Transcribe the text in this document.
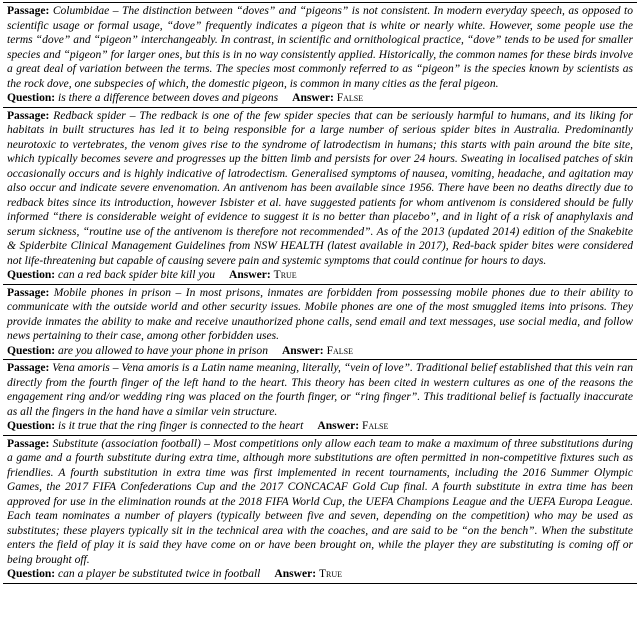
Passage: Columbidae – The distinction between “doves” and “pigeons” is not consistent. In modern everyday speech, as opposed to scientific usage or formal usage, “dove” frequently indicates a pigeon that is white or nearly white. However, some people use the terms “dove” and “pigeon” interchangeably. In contrast, in scientific and ornithological practice, “dove” tends to be used for smaller species and “pigeon” for larger ones, but this is in no way consistently applied. Historically, the common names for these birds involve a great deal of variation between the terms. The species most commonly referred to as “pigeon” is the species known by scientists as the rock dove, one subspecies of which, the domestic pigeon, is common in many cities as the feral pigeon.

Question: is there a difference between doves and pigeons Answer: False

Passage: Redback spider – The redback is one of the few spider species that can be seriously harmful to humans, and its liking for habitats in built structures has led it to being responsible for a large number of serious spider bites in Australia. Predominantly neurotoxic to vertebrates, the venom gives rise to the syndrome of latrodectism in humans; this starts with pain around the bite site, which typically becomes severe and progresses up the bitten limb and persists for over 24 hours. Sweating in localised patches of skin occasionally occurs and is highly indicative of latrodectism. Generalised symptoms of nausea, vomiting, headache, and agitation may also occur and indicate severe envenomation. An antivenom has been available since 1956. There have been no deaths directly due to redback bites since its introduction, however Isbister et al. have suggested patients for whom antivenom is considered should be fully informed “there is considerable weight of evidence to suggest it is no better than placebo”, and in light of a risk of anaphylaxis and serum sickness, “routine use of the antivenom is therefore not recommended”. As of the 2013 (updated 2014) edition of the Snakebite & Spiderbite Clinical Management Guidelines from NSW HEALTH (latest available in 2017), Red-back spider bites were considered not life-threatening but capable of causing severe pain and systemic symptoms that could continue for hours to days.

Question: can a red back spider bite kill you Answer: True

Passage: Mobile phones in prison – In most prisons, inmates are forbidden from possessing mobile phones due to their ability to communicate with the outside world and other security issues. Mobile phones are one of the most smuggled items into prisons. They provide inmates the ability to make and receive unauthorized phone calls, send email and text messages, use social media, and follow news pertaining to their case, among other forbidden uses.

Question: are you allowed to have your phone in prison Answer: False

Passage: Vena amoris – Vena amoris is a Latin name meaning, literally, “vein of love”. Traditional belief established that this vein ran directly from the fourth finger of the left hand to the heart. This theory has been cited in western cultures as one of the reasons the engagement ring and/or wedding ring was placed on the fourth finger, or “ring finger”. This traditional belief is factually inaccurate as all the fingers in the hand have a similar vein structure.

Question: is it true that the ring finger is connected to the heart Answer: False

Passage: Substitute (association football) – Most competitions only allow each team to make a maximum of three substitutions during a game and a fourth substitute during extra time, although more substitutions are often permitted in non-competitive fixtures such as friendlies. A fourth substitution in extra time was first implemented in recent tournaments, including the 2016 Summer Olympic Games, the 2017 FIFA Confederations Cup and the 2017 CONCACAF Gold Cup final. A fourth substitute in extra time has been approved for use in the elimination rounds at the 2018 FIFA World Cup, the UEFA Champions League and the UEFA Europa League. Each team nominates a number of players (typically between five and seven, depending on the competition) who may be used as substitutes; these players typically sit in the technical area with the coaches, and are said to be “on the bench”. When the substitute enters the field of play it is said they have come on or have been brought on, while the player they are substituting is coming off or being brought off.

Question: can a player be substituted twice in football Answer: True
